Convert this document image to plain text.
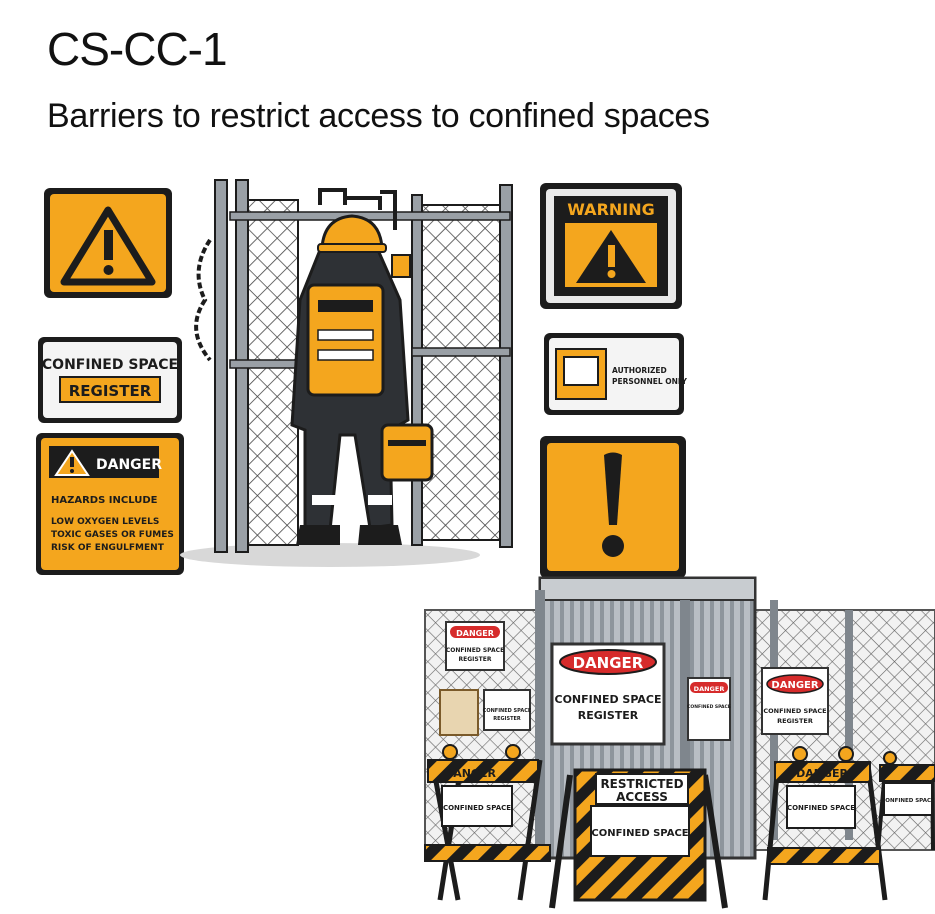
CS-CC-1
Barriers to restrict access to confined spaces
CONFINED SPACE
REGISTER
DANGER
HAZARDS INCLUDE
LOW OXYGEN LEVELS
TOXIC GASES OR FUMES
RISK OF ENGULFMENT
WARNING
AUTHORIZED
PERSONNEL ONLY
DANGER
CONFINED SPACE
REGISTER
CONFINED SPACE
REGISTER
DANGER
CONFINED SPACE
REGISTER
DANGER
CONFINED SPACE
DANGER
CONFINED SPACE
REGISTER
DANGER
CONFINED SPACE
RESTRICTED
ACCESS
CONFINED SPACE
DANGER
CONFINED SPACE
CONFINED SPACE
